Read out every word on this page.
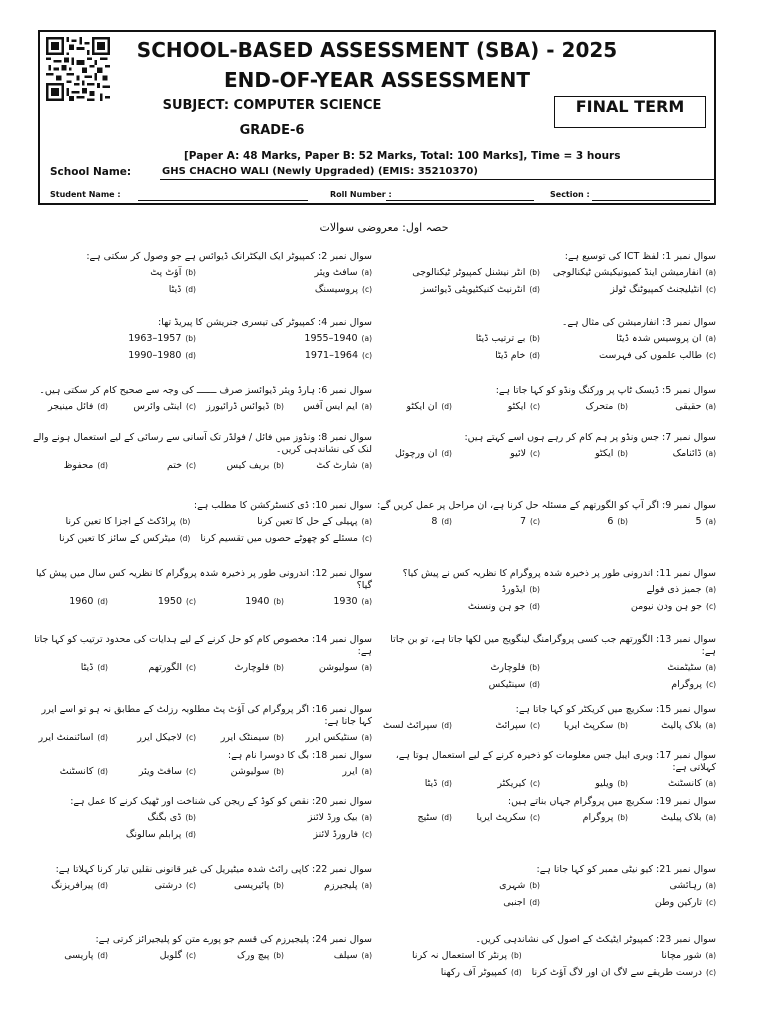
SCHOOL-BASED ASSESSMENT (SBA) - 2025
END-OF-YEAR ASSESSMENT
SUBJECT: COMPUTER SCIENCE
GRADE-6
FINAL TERM
[Paper A: 48 Marks, Paper B: 52 Marks, Total: 100 Marks], Time = 3 hours
School Name:	GHS CHACHO WALI (Newly Upgraded) (EMIS: 35210370)
Student Name :	Roll Number :	Section :
حصہ اول: معروضی سوالات
سوال نمبر 1: لفظ ICT کی توسیع ہے:
(a)انفارمیشن اینڈ کمیونیکیشن ٹیکنالوجی
(b)انٹر نیشنل کمپیوٹر ٹیکنالوجی
(c)انٹیلیجنٹ کمپیوٹنگ ٹولز
(d)انٹرنیٹ کنیکٹیویٹی ڈیوائسز
سوال نمبر 2: کمپیوٹر ایک الیکٹرانک ڈیوائس ہے جو وصول کر سکتی ہے:
(a)سافٹ ویئر
(b)آؤٹ پٹ
(c)پروسیسنگ
(d)ڈیٹا
سوال نمبر 3: انفارمیشن کی مثال ہے۔
(a)ان پروسیس شدہ ڈیٹا
(b)بے ترتیب ڈیٹا
(c)طالب علموں کی فہرست
(d)خام ڈیٹا
سوال نمبر 4: کمپیوٹر کی تیسری جنریشن کا پیریڈ تھا:
(a)1940–1955
(b)1957–1963
(c)1964–1971
(d)1980–1990
سوال نمبر 5: ڈیسک ٹاپ پر ورکنگ ونڈو کو کہا جاتا ہے:
(a)حقیقی
(b)متحرک
(c)ایکٹو
(d)ان ایکٹو
سوال نمبر 6: ہارڈ ویئر ڈیوائسز صرف ـــــــ کی وجہ سے صحیح کام کر سکتی ہیں۔
(a)ایم ایس آفس
(b)ڈیوائس ڈرائیورز
(c)اینٹی وائرس
(d)فائل مینیجر
سوال نمبر 7: جس ونڈو پر ہم کام کر رہے ہوں اسے کہتے ہیں:
(a)ڈائنامک
(b)ایکٹو
(c)لائیو
(d)ان ورچوئل
سوال نمبر 8: ونڈوز میں فائل / فولڈر تک آسانی سے رسائی کے لیے استعمال ہونے والے لنک کی نشاندہی کریں۔
(a)شارٹ کٹ
(b)بریف کیس
(c)ختم
(d)محفوظ
سوال نمبر 9: اگر آپ کو الگورتھم کے مسئلہ حل کرنا ہے، ان مراحل پر عمل کریں گے:
(a)5
(b)6
(c)7
(d)8
سوال نمبر 10: ڈی کنسٹرکشن کا مطلب ہے:
(a)پہیلی کے حل کا تعین کرنا
(b)پراڈکٹ کے اجزا کا تعین کرنا
(c)مسئلے کو چھوٹے حصوں میں تقسیم کرنا
(d)میٹرکس کے سائز کا تعین کرنا
سوال نمبر 11: اندرونی طور پر ذخیرہ شدہ پروگرام کا نظریہ کس نے پیش کیا؟
(a)جمیز ذی فولے
(b)ایڈورڈ
(c)جو ہن ودن نیومن
(d)جو ہن ونسنٹ
سوال نمبر 12: اندرونی طور پر ذخیرہ شدہ پروگرام کا نظریہ کس سال میں پیش کیا گیا؟
(a)1930
(b)1940
(c)1950
(d)1960
سوال نمبر 13: الگورتھم جب کسی پروگرامنگ لینگویج میں لکھا جاتا ہے، تو بن جاتا ہے:
(a)سٹیٹمنٹ
(b)فلوچارٹ
(c)پروگرام
(d)سینٹیکس
سوال نمبر 14: مخصوص کام کو حل کرنے کے لیے ہدایات کی محدود ترتیب کو کہا جاتا ہے:
(a)سولیوشن
(b)فلوچارٹ
(c)الگورتھم
(d)ڈیٹا
سوال نمبر 15: سکریچ میں کریکٹر کو کہا جاتا ہے:
(a)بلاک پالیٹ
(b)سکرپٹ ایریا
(c)سپرائٹ
(d)سپرائٹ لسٹ
سوال نمبر 16: اگر پروگرام کی آؤٹ پٹ مطلوبہ رزلٹ کے مطابق نہ ہو تو اسے ایرر کہا جاتا ہے:
(a)سنٹیکس ایرر
(b)سیمنٹک ایرر
(c)لاجیکل ایرر
(d)اسائنمنٹ ایرر
سوال نمبر 17: ویری ایبل جس معلومات کو ذخیرہ کرنے کے لیے استعمال ہوتا ہے، کہلاتی ہے:
(a)کانسٹنٹ
(b)ویلیو
(c)کیریکٹر
(d)ڈیٹا
سوال نمبر 18: بگ کا دوسرا نام ہے:
(a)ایرر
(b)سولیوشن
(c)سافٹ ویئر
(d)کانسٹنٹ
سوال نمبر 19: سکریچ میں پروگرام جہاں بناتے ہیں:
(a)بلاک پیلیٹ
(b)پروگرام
(c)سکرپٹ ایریا
(d)سٹیج
سوال نمبر 20: نقص کو کوڈ کے ریجن کی شناخت اور ٹھیک کرنے کا عمل ہے:
(a)بیک ورڈ لائنز
(b)ڈی بگنگ
(c)فارورڈ لائنز
(d)پرابلم سالونگ
سوال نمبر 21: کیو نیٹی ممبر کو کہا جاتا ہے:
(a)رہائشی
(b)شہری
(c)تارکین وطن
(d)اجنبی
سوال نمبر 22: کاپی رائٹ شدہ میٹیریل کی غیر قانونی نقلیں تیار کرنا کہلاتا ہے:
(a)پلیجیرزم
(b)پائیریسی
(c)درشتی
(d)پیرافریزنگ
سوال نمبر 23: کمپیوٹر ایٹیکٹ کے اصول کی نشاندہی کریں۔
(a)شور مچانا
(b)پرنٹر کا استعمال نہ کرنا
(c)درست طریقے سے لاگ ان اور لاگ آؤٹ کرنا
(d)کمپیوٹر آف رکھنا
سوال نمبر 24: پلیجیرزم کی قسم جو پورے متن کو پلیجیرائز کرتی ہے:
(a)سیلف
(b)پیچ ورک
(c)گلوبل
(d)پاریسی
